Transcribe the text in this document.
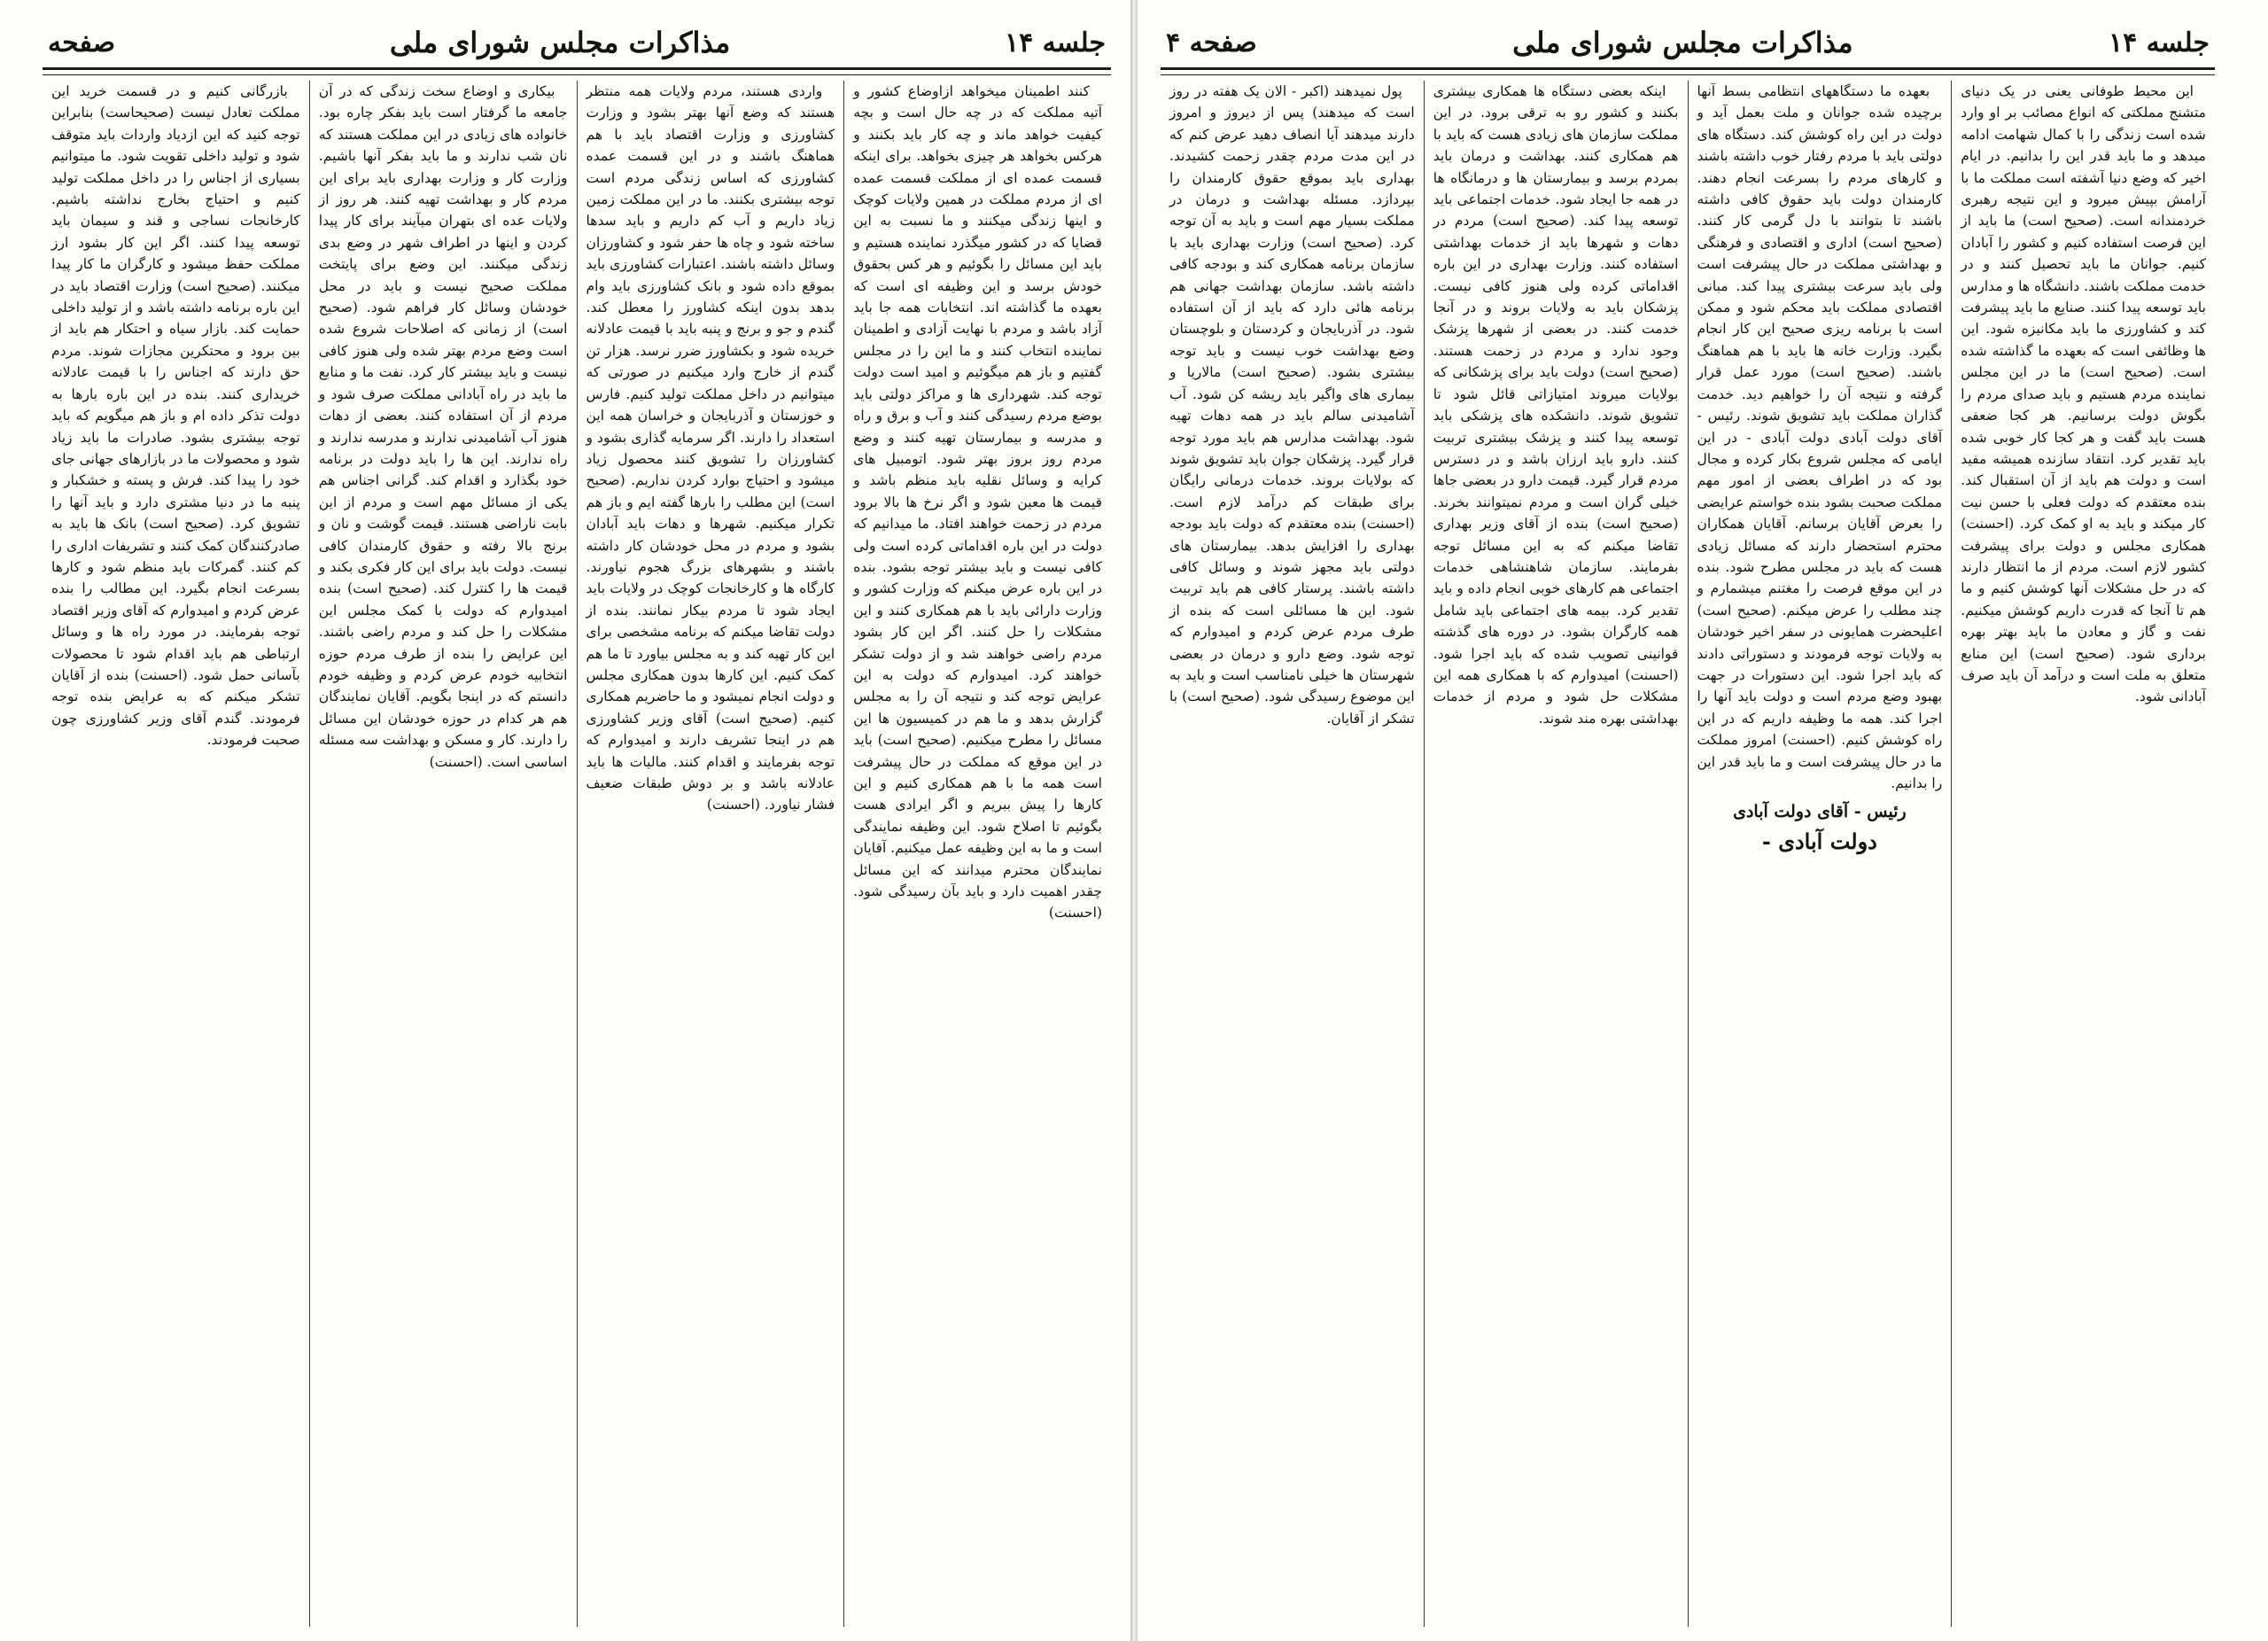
جلسه ۱۴
مذاکرات مجلس شورای ملی
صفحه

کنند اطمینان میخواهد ازاوضاع کشور و آتیه مملکت که در چه حال است و بچه کیفیت خواهد ماند و چه کار باید بکنند و هرکس بخواهد هر چیزی بخواهد. برای اینکه قسمت عمده ای از مملکت قسمت عمده ای از مردم مملکت در همین ولایات کوچک و اینها زندگی میکنند و ما نسبت به این قضایا که در کشور میگذرد نماینده هستیم و باید این مسائل را بگوئیم و هر کس بحقوق خودش برسد و این وظیفه ای است که بعهده ما گذاشته اند. انتخابات همه جا باید آزاد باشد و مردم با نهایت آزادی و اطمینان نماینده انتخاب کنند و ما این را در مجلس گفتیم و باز هم میگوئیم و امید است دولت توجه کند. شهرداری ها و مراکز دولتی باید بوضع مردم رسیدگی کنند و آب و برق و راه و مدرسه و بیمارستان تهیه کنند و وضع مردم روز بروز بهتر شود. اتومبیل های کرایه و وسائل نقلیه باید منظم باشد و قیمت ها معین شود و اگر نرخ ها بالا برود مردم در زحمت خواهند افتاد. ما میدانیم که دولت در این باره اقداماتی کرده است ولی کافی نیست و باید بیشتر توجه بشود. بنده در این باره عرض میکنم که وزارت کشور و وزارت دارائی باید با هم همکاری کنند و این مشکلات را حل کنند. اگر این کار بشود مردم راضی خواهند شد و از دولت تشکر خواهند کرد. امیدوارم که دولت به این عرایض توجه کند و نتیجه آن را به مجلس گزارش بدهد و ما هم در کمیسیون ها این مسائل را مطرح میکنیم. (صحیح است) باید در این موقع که مملکت در حال پیشرفت است همه ما با هم همکاری کنیم و این کارها را پیش ببریم و اگر ایرادی هست بگوئیم تا اصلاح شود. این وظیفه نمایندگی است و ما به این وظیفه عمل میکنیم. آقایان نمایندگان محترم میدانند که این مسائل چقدر اهمیت دارد و باید بآن رسیدگی شود. (احسنت)

واردی هستند، مردم ولایات همه منتظر هستند که وضع آنها بهتر بشود و وزارت کشاورزی و وزارت اقتصاد باید با هم هماهنگ باشند و در این قسمت عمده کشاورزی که اساس زندگی مردم است توجه بیشتری بکنند. ما در این مملکت زمین زیاد داریم و آب کم داریم و باید سدها ساخته شود و چاه ها حفر شود و کشاورزان وسائل داشته باشند. اعتبارات کشاورزی باید بموقع داده شود و بانک کشاورزی باید وام بدهد بدون اینکه کشاورز را معطل کند. گندم و جو و برنج و پنبه باید با قیمت عادلانه خریده شود و بکشاورز ضرر نرسد. هزار تن گندم از خارج وارد میکنیم در صورتی که میتوانیم در داخل مملکت تولید کنیم. فارس و خوزستان و آذربایجان و خراسان همه این استعداد را دارند. اگر سرمایه گذاری بشود و کشاورزان را تشویق کنند محصول زیاد میشود و احتیاج بوارد کردن نداریم. (صحیح است) این مطلب را بارها گفته ایم و باز هم تکرار میکنیم. شهرها و دهات باید آبادان بشود و مردم در محل خودشان کار داشته باشند و بشهرهای بزرگ هجوم نیاورند. کارگاه ها و کارخانجات کوچک در ولایات باید ایجاد شود تا مردم بیکار نمانند. بنده از دولت تقاضا میکنم که برنامه مشخصی برای این کار تهیه کند و به مجلس بیاورد تا ما هم کمک کنیم. این کارها بدون همکاری مجلس و دولت انجام نمیشود و ما حاضریم همکاری کنیم. (صحیح است) آقای وزیر کشاورزی هم در اینجا تشریف دارند و امیدوارم که توجه بفرمایند و اقدام کنند. مالیات ها باید عادلانه باشد و بر دوش طبقات ضعیف فشار نیاورد. (احسنت)

بیکاری و اوضاع سخت زندگی که در آن جامعه ما گرفتار است باید بفکر چاره بود. خانواده های زیادی در این مملکت هستند که نان شب ندارند و ما باید بفکر آنها باشیم. وزارت کار و وزارت بهداری باید برای این مردم کار و بهداشت تهیه کنند. هر روز از ولایات عده ای بتهران میآیند برای کار پیدا کردن و اینها در اطراف شهر در وضع بدی زندگی میکنند. این وضع برای پایتخت مملکت صحیح نیست و باید در محل خودشان وسائل کار فراهم شود. (صحیح است) از زمانی که اصلاحات شروع شده است وضع مردم بهتر شده ولی هنوز کافی نیست و باید بیشتر کار کرد. نفت ما و منابع ما باید در راه آبادانی مملکت صرف شود و مردم از آن استفاده کنند. بعضی از دهات هنوز آب آشامیدنی ندارند و مدرسه ندارند و راه ندارند. این ها را باید دولت در برنامه خود بگذارد و اقدام کند. گرانی اجناس هم یکی از مسائل مهم است و مردم از این بابت ناراضی هستند. قیمت گوشت و نان و برنج بالا رفته و حقوق کارمندان کافی نیست. دولت باید برای این کار فکری بکند و قیمت ها را کنترل کند. (صحیح است) بنده امیدوارم که دولت با کمک مجلس این مشکلات را حل کند و مردم راضی باشند. این عرایض را بنده از طرف مردم حوزه انتخابیه خودم عرض کردم و وظیفه خودم دانستم که در اینجا بگویم. آقایان نمایندگان هم هر کدام در حوزه خودشان این مسائل را دارند. کار و مسکن و بهداشت سه مسئله اساسی است. (احسنت)

بازرگانی کنیم و در قسمت خرید این مملکت تعادل نیست (صحیحاست) بنابراین توجه کنید که این ازدیاد واردات باید متوقف شود و تولید داخلی تقویت شود. ما میتوانیم بسیاری از اجناس را در داخل مملکت تولید کنیم و احتیاج بخارج نداشته باشیم. کارخانجات نساجی و قند و سیمان باید توسعه پیدا کنند. اگر این کار بشود ارز مملکت حفظ میشود و کارگران ما کار پیدا میکنند. (صحیح است) وزارت اقتصاد باید در این باره برنامه داشته باشد و از تولید داخلی حمایت کند. بازار سیاه و احتکار هم باید از بین برود و محتکرین مجازات شوند. مردم حق دارند که اجناس را با قیمت عادلانه خریداری کنند. بنده در این باره بارها به دولت تذکر داده ام و باز هم میگویم که باید توجه بیشتری بشود. صادرات ما باید زیاد شود و محصولات ما در بازارهای جهانی جای خود را پیدا کند. فرش و پسته و خشکبار و پنبه ما در دنیا مشتری دارد و باید آنها را تشویق کرد. (صحیح است) بانک ها باید به صادرکنندگان کمک کنند و تشریفات اداری را کم کنند. گمرکات باید منظم شود و کارها بسرعت انجام بگیرد. این مطالب را بنده عرض کردم و امیدوارم که آقای وزیر اقتصاد توجه بفرمایند. در مورد راه ها و وسائل ارتباطی هم باید اقدام شود تا محصولات بآسانی حمل شود. (احسنت) بنده از آقایان تشکر میکنم که به عرایض بنده توجه فرمودند. گندم آقای وزیر کشاورزی چون صحبت فرمودند.

جلسه ۱۴
مذاکرات مجلس شورای ملی
صفحه ۴

این محیط طوفانی یعنی در یک دنیای متشنج مملکتی که انواع مصائب بر او وارد شده است زندگی را با کمال شهامت ادامه میدهد و ما باید قدر این را بدانیم. در ایام اخیر که وضع دنیا آشفته است مملکت ما با آرامش بپیش میرود و این نتیجه رهبری خردمندانه است. (صحیح است) ما باید از این فرصت استفاده کنیم و کشور را آبادان کنیم. جوانان ما باید تحصیل کنند و در خدمت مملکت باشند. دانشگاه ها و مدارس باید توسعه پیدا کنند. صنایع ما باید پیشرفت کند و کشاورزی ما باید مکانیزه شود. این ها وظائفی است که بعهده ما گذاشته شده است. (صحیح است) ما در این مجلس نماینده مردم هستیم و باید صدای مردم را بگوش دولت برسانیم. هر کجا ضعفی هست باید گفت و هر کجا کار خوبی شده باید تقدیر کرد. انتقاد سازنده همیشه مفید است و دولت هم باید از آن استقبال کند. بنده معتقدم که دولت فعلی با حسن نیت کار میکند و باید به او کمک کرد. (احسنت) همکاری مجلس و دولت برای پیشرفت کشور لازم است. مردم از ما انتظار دارند که در حل مشکلات آنها کوشش کنیم و ما هم تا آنجا که قدرت داریم کوشش میکنیم. نفت و گاز و معادن ما باید بهتر بهره برداری شود. (صحیح است) این منابع متعلق به ملت است و درآمد آن باید صرف آبادانی شود.

بعهده ما دستگاههای انتظامی بسط آنها برچیده شده جوانان و ملت بعمل آید و دولت در این راه کوشش کند. دستگاه های دولتی باید با مردم رفتار خوب داشته باشند و کارهای مردم را بسرعت انجام دهند. کارمندان دولت باید حقوق کافی داشته باشند تا بتوانند با دل گرمی کار کنند. (صحیح است) اداری و اقتصادی و فرهنگی و بهداشتی مملکت در حال پیشرفت است ولی باید سرعت بیشتری پیدا کند. مبانی اقتصادی مملکت باید محکم شود و ممکن است با برنامه ریزی صحیح این کار انجام بگیرد. وزارت خانه ها باید با هم هماهنگ باشند. (صحیح است) مورد عمل قرار گرفته و نتیجه آن را خواهیم دید. خدمت گذاران مملکت باید تشویق شوند. رئیس - آقای دولت آبادی دولت آبادی - در این ایامی که مجلس شروع بکار کرده و مجال بود که در اطراف بعضی از امور مهم مملکت صحبت بشود بنده خواستم عرایضی را بعرض آقایان برسانم. آقایان همکاران محترم استحضار دارند که مسائل زیادی هست که باید در مجلس مطرح شود. بنده در این موقع فرصت را مغتنم میشمارم و چند مطلب را عرض میکنم. (صحیح است) اعلیحضرت همایونی در سفر اخیر خودشان به ولایات توجه فرمودند و دستوراتی دادند که باید اجرا شود. این دستورات در جهت بهبود وضع مردم است و دولت باید آنها را اجرا کند. همه ما وظیفه داریم که در این راه کوشش کنیم. (احسنت) امروز مملکت ما در حال پیشرفت است و ما باید قدر این را بدانیم.

رئیس - آقای دولت آبادی
دولت آبادی -

اینکه بعضی دستگاه ها همکاری بیشتری بکنند و کشور رو به ترقی برود. در این مملکت سازمان های زیادی هست که باید با هم همکاری کنند. بهداشت و درمان باید بمردم برسد و بیمارستان ها و درمانگاه ها در همه جا ایجاد شود. خدمات اجتماعی باید توسعه پیدا کند. (صحیح است) مردم در دهات و شهرها باید از خدمات بهداشتی استفاده کنند. وزارت بهداری در این باره اقداماتی کرده ولی هنوز کافی نیست. پزشکان باید به ولایات بروند و در آنجا خدمت کنند. در بعضی از شهرها پزشک وجود ندارد و مردم در زحمت هستند. (صحیح است) دولت باید برای پزشکانی که بولایات میروند امتیازاتی قائل شود تا تشویق شوند. دانشکده های پزشکی باید توسعه پیدا کنند و پزشک بیشتری تربیت کنند. دارو باید ارزان باشد و در دسترس مردم قرار گیرد. قیمت دارو در بعضی جاها خیلی گران است و مردم نمیتوانند بخرند. (صحیح است) بنده از آقای وزیر بهداری تقاضا میکنم که به این مسائل توجه بفرمایند. سازمان شاهنشاهی خدمات اجتماعی هم کارهای خوبی انجام داده و باید تقدیر کرد. بیمه های اجتماعی باید شامل همه کارگران بشود. در دوره های گذشته قوانینی تصویب شده که باید اجرا شود. (احسنت) امیدوارم که با همکاری همه این مشکلات حل شود و مردم از خدمات بهداشتی بهره مند شوند.

پول نمیدهند (اکبر - الان یک هفته در روز است که میدهند) پس از دیروز و امروز دارند میدهند آیا انصاف دهید عرض کنم که در این مدت مردم چقدر زحمت کشیدند. بهداری باید بموقع حقوق کارمندان را بپردازد. مسئله بهداشت و درمان در مملکت بسیار مهم است و باید به آن توجه کرد. (صحیح است) وزارت بهداری باید با سازمان برنامه همکاری کند و بودجه کافی داشته باشد. سازمان بهداشت جهانی هم برنامه هائی دارد که باید از آن استفاده شود. در آذربایجان و کردستان و بلوچستان وضع بهداشت خوب نیست و باید توجه بیشتری بشود. (صحیح است) مالاریا و بیماری های واگیر باید ریشه کن شود. آب آشامیدنی سالم باید در همه دهات تهیه شود. بهداشت مدارس هم باید مورد توجه قرار گیرد. پزشکان جوان باید تشویق شوند که بولایات بروند. خدمات درمانی رایگان برای طبقات کم درآمد لازم است. (احسنت) بنده معتقدم که دولت باید بودجه بهداری را افزایش بدهد. بیمارستان های دولتی باید مجهز شوند و وسائل کافی داشته باشند. پرستار کافی هم باید تربیت شود. این ها مسائلی است که بنده از طرف مردم عرض کردم و امیدوارم که توجه شود. وضع دارو و درمان در بعضی شهرستان ها خیلی نامناسب است و باید به این موضوع رسیدگی شود. (صحیح است) با تشکر از آقایان.
